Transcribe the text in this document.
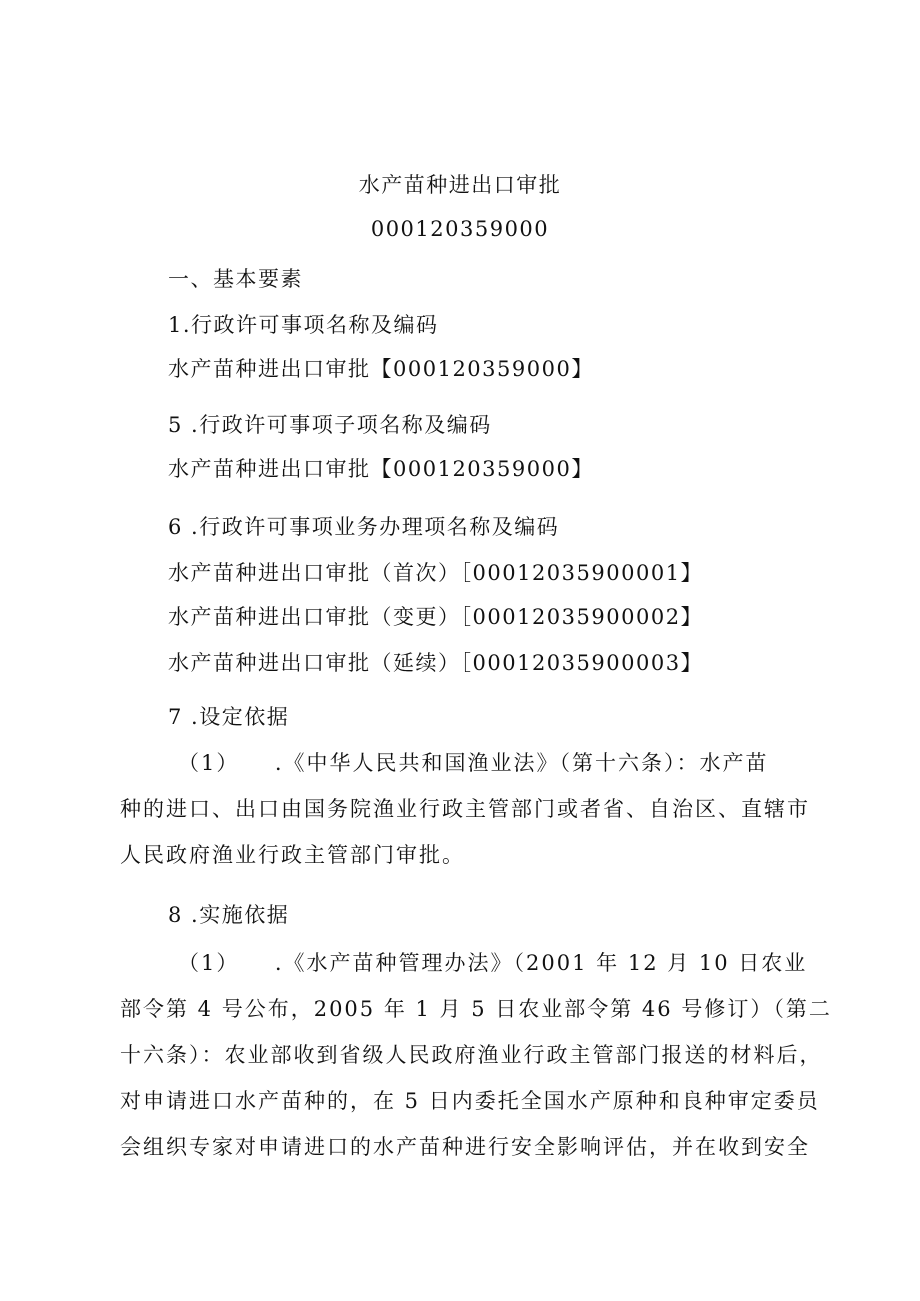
水产苗种进出口审批
000120359000
一、基本要素
1.行政许可事项名称及编码
水产苗种进出口审批【000120359000】
5 .行政许可事项子项名称及编码
水产苗种进出口审批【000120359000】
6 .行政许可事项业务办理项名称及编码
水产苗种进出口审批（首次）［00012035900001】
水产苗种进出口审批（变更）［00012035900002】
水产苗种进出口审批（延续）［00012035900003】
7 .设定依据
（1）　　.《中华人民共和国渔业法》（第十六条）：水产苗
种的进口、出口由国务院渔业行政主管部门或者省、自治区、直辖市
人民政府渔业行政主管部门审批。
8 .实施依据
（1）　　.《水产苗种管理办法》（2001 年 12 月 10 日农业
部令第 4 号公布，2005 年 1 月 5 日农业部令第 46 号修订）（第二
十六条）：农业部收到省级人民政府渔业行政主管部门报送的材料后，
对申请进口水产苗种的，在 5 日内委托全国水产原种和良种审定委员
会组织专家对申请进口的水产苗种进行安全影响评估，并在收到安全
